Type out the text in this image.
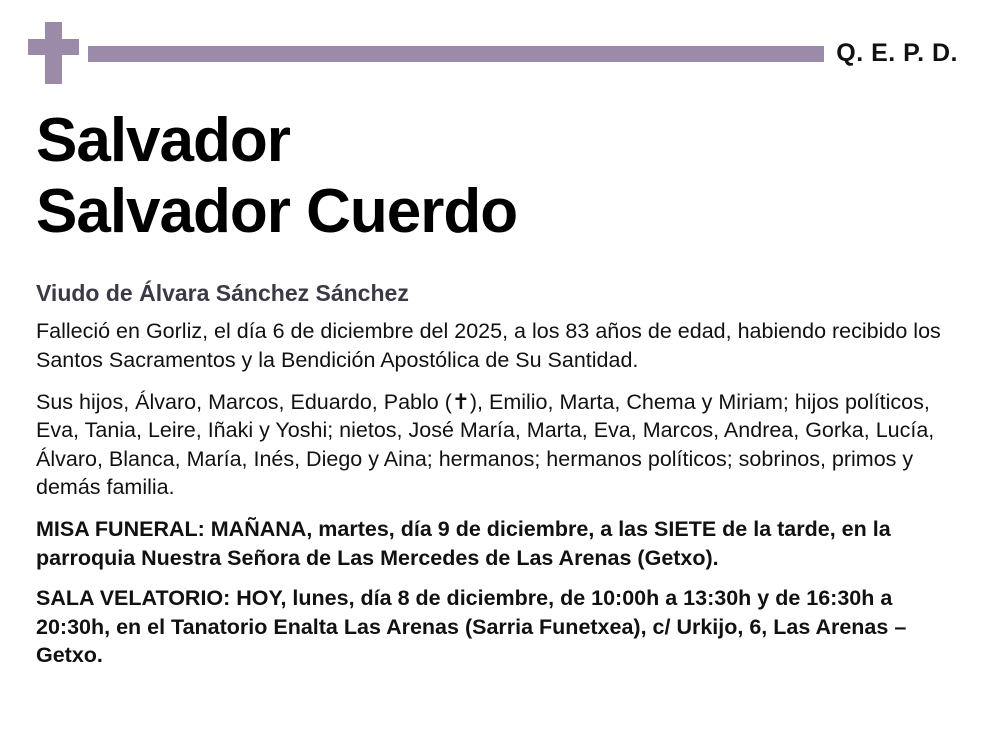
Q. E. P. D.
Salvador
Salvador Cuerdo
Viudo de Álvara Sánchez Sánchez

Falleció en Gorliz, el día 6 de diciembre del 2025, a los 83 años de edad, habiendo recibido los Santos Sacramentos y la Bendición Apostólica de Su Santidad.

Sus hijos, Álvaro, Marcos, Eduardo, Pablo (✝), Emilio, Marta, Chema y Miriam; hijos políticos, Eva, Tania, Leire, Iñaki y Yoshi; nietos, José María, Marta, Eva, Marcos, Andrea, Gorka, Lucía, Álvaro, Blanca, María, Inés, Diego y Aina; hermanos; hermanos políticos; sobrinos, primos y demás familia.

MISA FUNERAL: MAÑANA, martes, día 9 de diciembre, a las SIETE de la tarde, en la parroquia Nuestra Señora de Las Mercedes de Las Arenas (Getxo).

SALA VELATORIO: HOY, lunes, día 8 de diciembre, de 10:00h a 13:30h y de 16:30h a 20:30h, en el Tanatorio Enalta Las Arenas (Sarria Funetxea), c/ Urkijo, 6, Las Arenas – Getxo.
